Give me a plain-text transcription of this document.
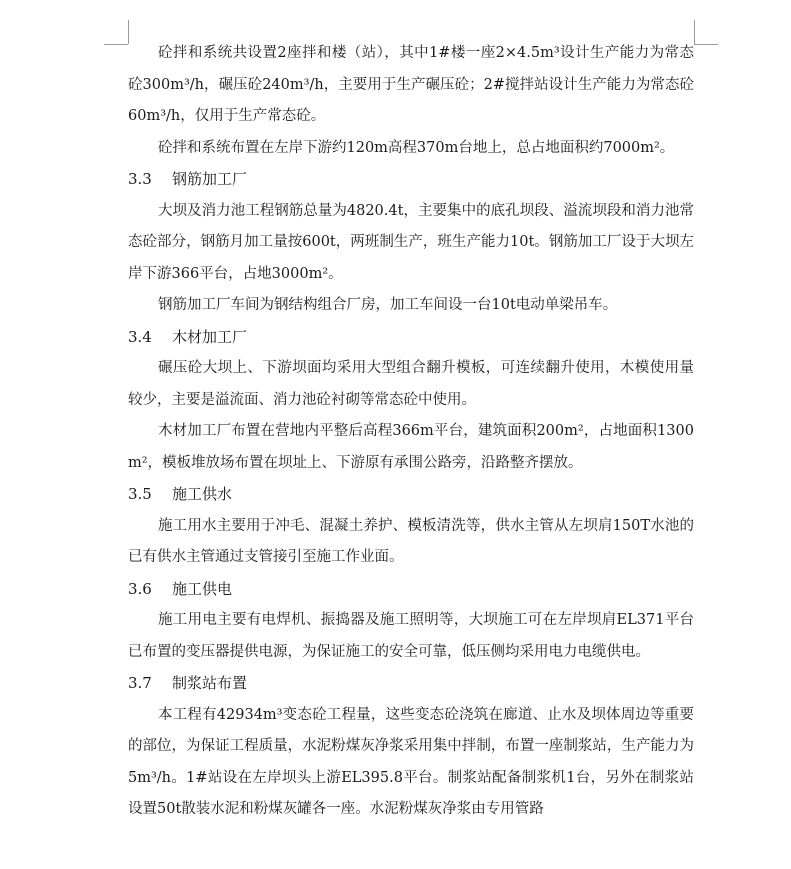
砼拌和系统共设置2座拌和楼（站），其中1#楼一座2×4.5m³设计生产能力为常态砼300m³/h，碾压砼240m³/h，主要用于生产碾压砼；2#搅拌站设计生产能力为常态砼60m³/h，仅用于生产常态砼。

砼拌和系统布置在左岸下游约120m高程370m台地上，总占地面积约7000m²。

3.3 钢筋加工厂

大坝及消力池工程钢筋总量为4820.4t，主要集中的底孔坝段、溢流坝段和消力池常态砼部分，钢筋月加工量按600t，两班制生产，班生产能力10t。钢筋加工厂设于大坝左岸下游366平台，占地3000m²。

钢筋加工厂车间为钢结构组合厂房，加工车间设一台10t电动单梁吊车。

3.4 木材加工厂

碾压砼大坝上、下游坝面均采用大型组合翻升模板，可连续翻升使用，木模使用量较少，主要是溢流面、消力池砼衬砌等常态砼中使用。

木材加工厂布置在营地内平整后高程366m平台，建筑面积200m²，占地面积1300m²，模板堆放场布置在坝址上、下游原有承围公路旁，沿路整齐摆放。

3.5 施工供水

施工用水主要用于冲毛、混凝土养护、模板清洗等，供水主管从左坝肩150T水池的已有供水主管通过支管接引至施工作业面。

3.6 施工供电

施工用电主要有电焊机、振捣器及施工照明等，大坝施工可在左岸坝肩EL371平台已布置的变压器提供电源，为保证施工的安全可靠，低压侧均采用电力电缆供电。

3.7 制浆站布置

本工程有42934m³变态砼工程量，这些变态砼浇筑在廊道、止水及坝体周边等重要的部位，为保证工程质量，水泥粉煤灰净浆采用集中拌制，布置一座制浆站，生产能力为5m³/h。1#站设在左岸坝头上游EL395.8平台。制浆站配备制浆机1台，另外在制浆站设置50t散装水泥和粉煤灰罐各一座。水泥粉煤灰净浆由专用管路
